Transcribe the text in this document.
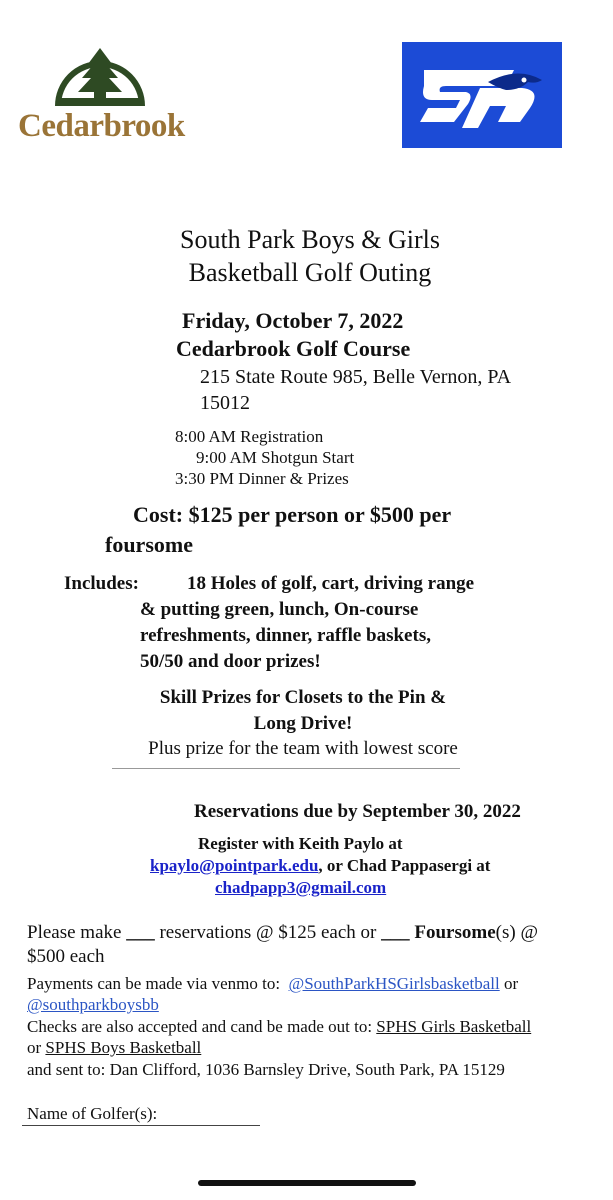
Cedarbrook
South Park Boys & Girls
Basketball Golf Outing
Friday, October 7, 2022
Cedarbrook Golf Course
215 State Route 985, Belle Vernon, PA
15012
8:00 AM Registration
9:00 AM Shotgun Start
3:30 PM Dinner & Prizes
Cost: $125 per person or $500 per
foursome
Includes:	18 Holes of golf, cart, driving range
& putting green, lunch, On-course
refreshments, dinner, raffle baskets,
50/50 and door prizes!
Skill Prizes for Closets to the Pin &
Long Drive!
Plus prize for the team with lowest score
Reservations due by September 30, 2022
Register with Keith Paylo at
kpaylo@pointpark.edu, or Chad Pappasergi at
chadpapp3@gmail.com
Please make ___ reservations @ $125 each or ___ Foursome(s) @
$500 each
Payments can be made via venmo to: @SouthParkHSGirlsbasketball or
@southparkboysbb
Checks are also accepted and cand be made out to: SPHS Girls Basketball
or SPHS Boys Basketball
and sent to: Dan Clifford, 1036 Barnsley Drive, South Park, PA 15129
Name of Golfer(s):
